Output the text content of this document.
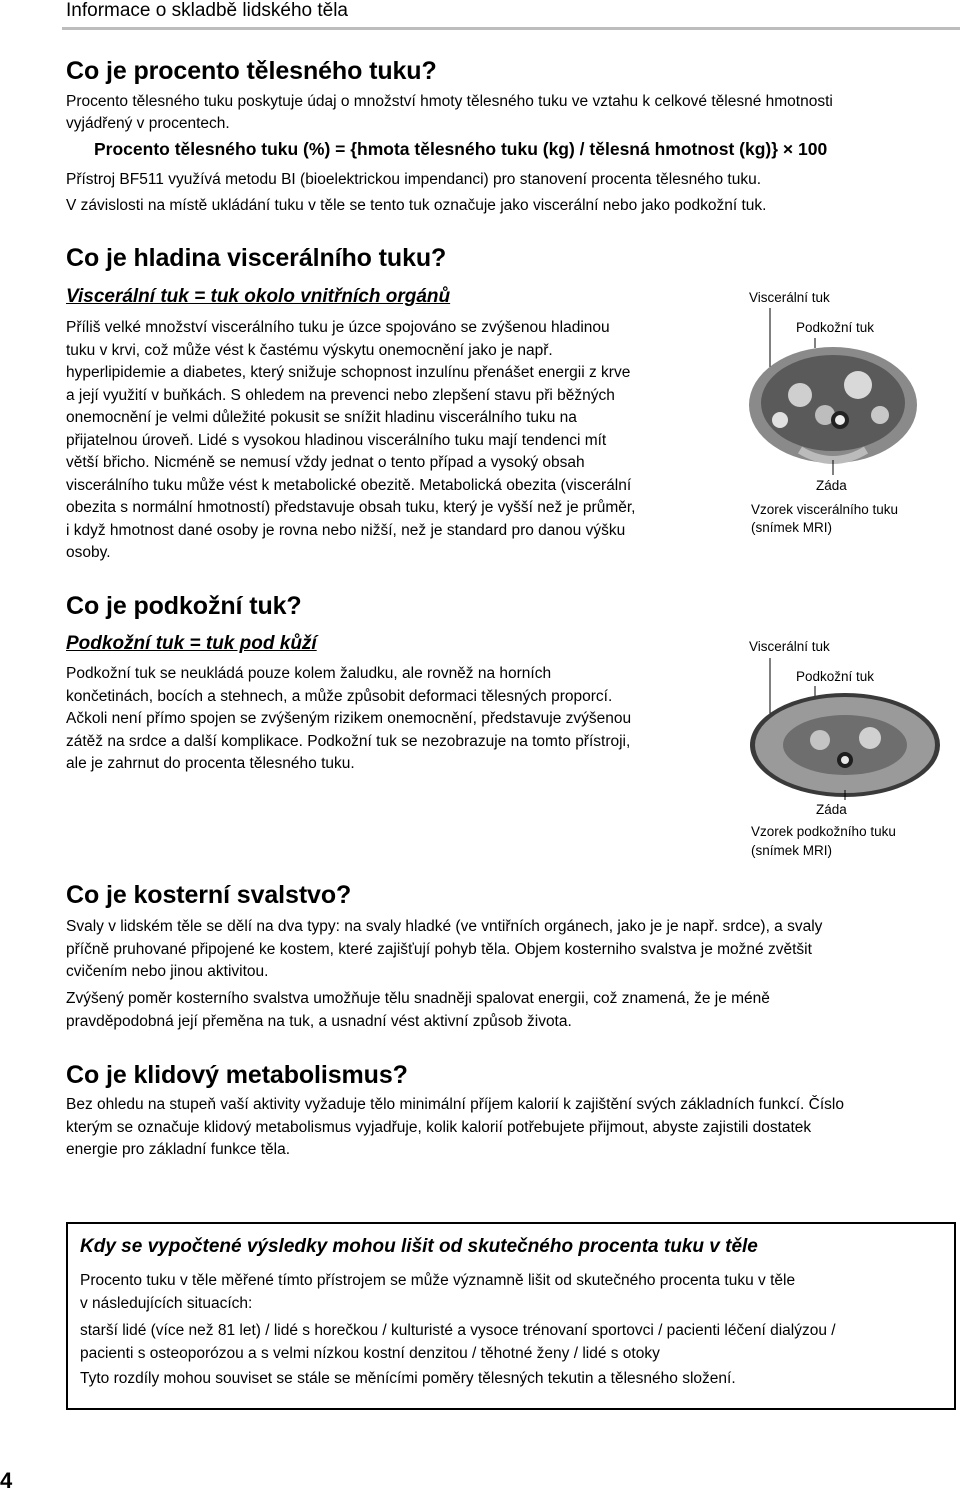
Informace o skladbě lidského těla
Co je procento tělesného tuku?

Procento tělesného tuku poskytuje údaj o množství hmoty tělesného tuku ve vztahu k celkové tělesné hmotnosti

vyjádřený v procentech.

Procento tělesného tuku (%) = {hmota tělesného tuku (kg) / tělesná hmotnost (kg)} × 100

Přístroj BF511 využívá metodu BI (bioelektrickou impendanci) pro stanovení procenta tělesného tuku.

V závislosti na místě ukládání tuku v těle se tento tuk označuje jako viscerální nebo jako podkožní tuk.

Co je hladina viscerálního tuku?
Viscerální tuk = tuk okolo vnitřních orgánů

Příliš velké množství viscerálního tuku je úzce spojováno se zvýšenou hladinou

tuku v krvi, což může vést k častému výskytu onemocnění jako je např.

hyperlipidemie a diabetes, který snižuje schopnost inzulínu přenášet energii z krve

a její využití v buňkách. S ohledem na prevenci nebo zlepšení stavu při běžných

onemocnění je velmi důležité pokusit se snížit hladinu viscerálního tuku na

přijatelnou úroveň. Lidé s vysokou hladinou viscerálního tuku mají tendenci mít

větší břicho. Nicméně se nemusí vždy jednat o tento případ a vysoký obsah

viscerálního tuku může vést k metabolické obezitě. Metabolická obezita (viscerální

obezita s normální hmotností) představuje obsah tuku, který je vyšší než je průměr,

i když hmotnost dané osoby je rovna nebo nižší, než je standard pro danou výšku

osoby.

Viscerální tuk
Podkožní tuk
Záda
Vzorek viscerálního tuku
(snímek MRI)
Co je podkožní tuk?
Podkožní tuk = tuk pod kůží

Podkožní tuk se neukládá pouze kolem žaludku, ale rovněž na horních

končetinách, bocích a stehnech, a může způsobit deformaci tělesných proporcí.

Ačkoli není přímo spojen se zvýšeným rizikem onemocnění, představuje zvýšenou

zátěž na srdce a další komplikace. Podkožní tuk se nezobrazuje na tomto přístroji,

ale je zahrnut do procenta tělesného tuku.

Viscerální tuk
Podkožní tuk
Záda
Vzorek podkožního tuku
(snímek MRI)
Co je kosterní svalstvo?

Svaly v lidském těle se dělí na dva typy: na svaly hladké (ve vntiřních orgánech, jako je je např. srdce), a svaly

příčně pruhované připojené ke kostem, které zajišťují pohyb těla. Objem kosterniho svalstva je možné zvětšit

cvičením nebo jinou aktivitou.

Zvýšený poměr kosterního svalstva umožňuje tělu snadněji spalovat energii, což znamená, že je méně

pravděpodobná její přeměna na tuk, a usnadní vést aktivní způsob života.

Co je klidový metabolismus?

Bez ohledu na stupeň vaší aktivity vyžaduje tělo minimální příjem kalorií k zajištění svých základních funkcí. Číslo

kterým se označuje klidový metabolismus vyjadřuje, kolik kalorií potřebujete přijmout, abyste zajistili dostatek

energie pro základní funkce těla.

Kdy se vypočtené výsledky mohou lišit od skutečného procenta tuku v těle

Procento tuku v těle měřené tímto přístrojem se může významně lišit od skutečného procenta tuku v těle

v následujících situacích:

starší lidé (více než 81 let) / lidé s horečkou / kulturisté a vysoce trénovaní sportovci / pacienti léčení dialýzou /

pacienti s osteoporózou a s velmi nízkou kostní denzitou / těhotné ženy / lidé s otoky

Tyto rozdíly mohou souviset se stále se měnícími poměry tělesných tekutin a tělesného složení.

4
